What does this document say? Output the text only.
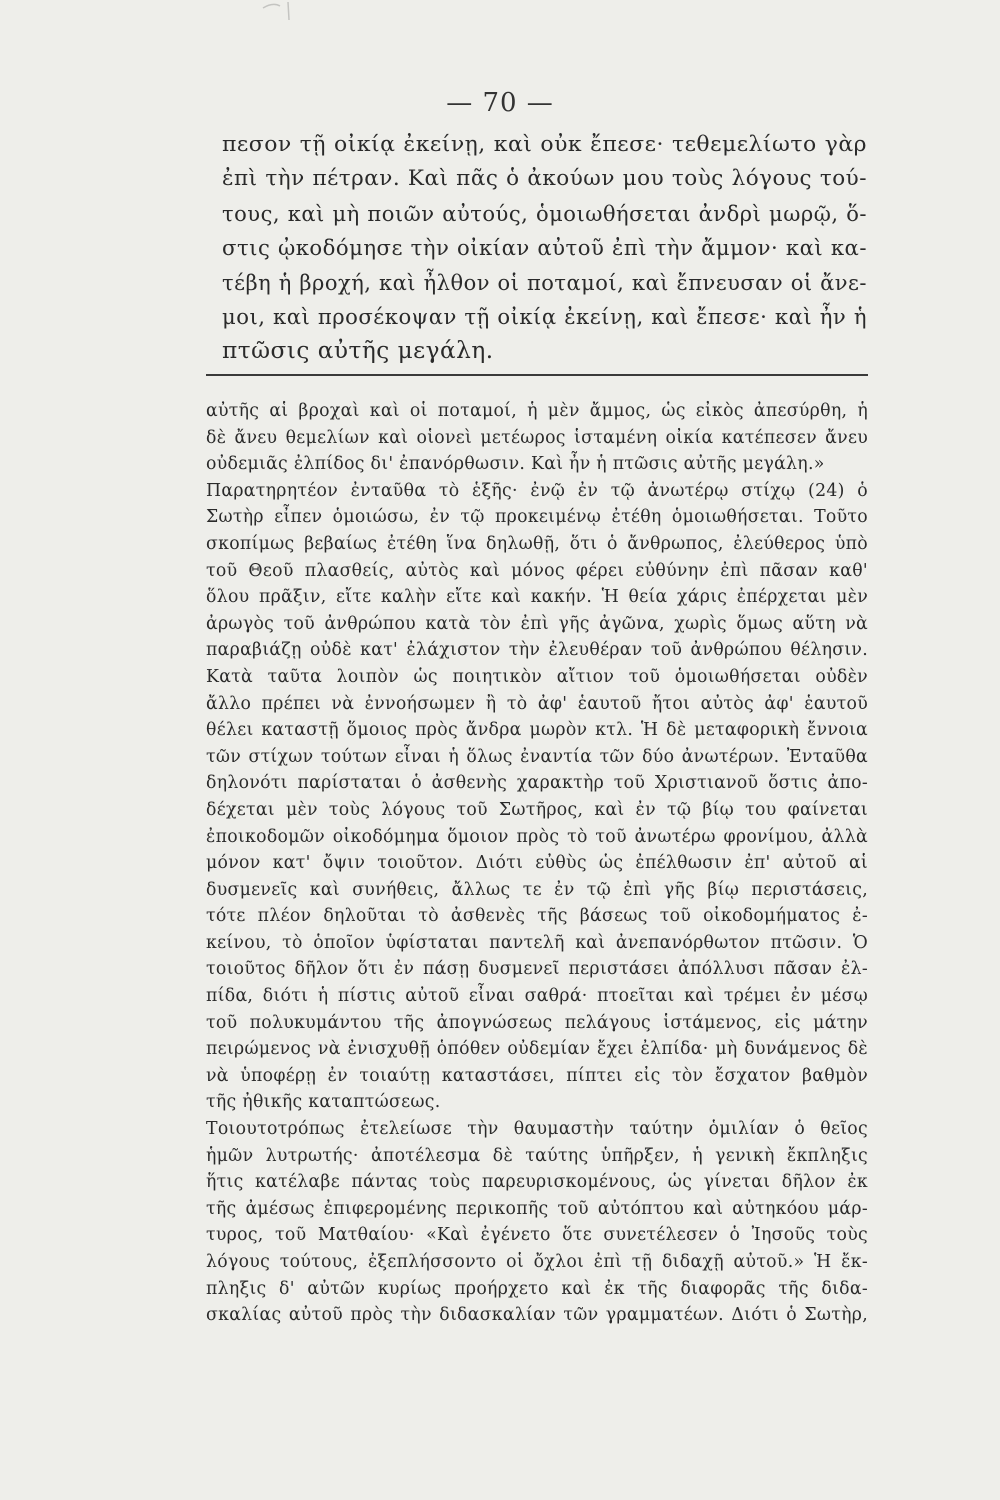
— 70 —
πεσον τῇ οἰκίᾳ ἐκείνῃ, καὶ οὐκ ἔπεσε· τεθεμελίωτο γὰρ
ἐπὶ τὴν πέτραν. Καὶ πᾶς ὁ ἀκούων μου τοὺς λόγους τού-
τους, καὶ μὴ ποιῶν αὐτούς, ὁμοιωθήσεται ἀνδρὶ μωρῷ, ὅ-
στις ᾠκοδόμησε τὴν οἰκίαν αὐτοῦ ἐπὶ τὴν ἄμμον· καὶ κα-
τέβη ἡ βροχή, καὶ ἦλθον οἱ ποταμοί, καὶ ἔπνευσαν οἱ ἄνε-
μοι, καὶ προσέκοψαν τῇ οἰκίᾳ ἐκείνῃ, καὶ ἔπεσε· καὶ ἦν ἡ
πτῶσις αὐτῆς μεγάλη.
αὐτῆς αἱ βροχαὶ καὶ οἱ ποταμοί, ἡ μὲν ἄμμος, ὡς εἰκὸς ἀπεσύρθη, ἡ
δὲ ἄνευ θεμελίων καὶ οἱονεὶ μετέωρος ἱσταμένη οἰκία κατέπεσεν ἄνευ
οὐδεμιᾶς ἐλπίδος δι' ἐπανόρθωσιν. Καὶ ἦν ἡ πτῶσις αὐτῆς μεγάλη.»
Παρατηρητέον ἐνταῦθα τὸ ἑξῆς· ἐνῷ ἐν τῷ ἀνωτέρῳ στίχῳ (24) ὁ
Σωτὴρ εἶπεν ὁμοιώσω, ἐν τῷ προκειμένῳ ἐτέθη ὁμοιωθήσεται. Τοῦτο
σκοπίμως βεβαίως ἐτέθη ἵνα δηλωθῇ, ὅτι ὁ ἄνθρωπος, ἐλεύθερος ὑπὸ
τοῦ Θεοῦ πλασθείς, αὐτὸς καὶ μόνος φέρει εὐθύνην ἐπὶ πᾶσαν καθ'
ὅλου πρᾶξιν, εἴτε καλὴν εἴτε καὶ κακήν. Ἡ θεία χάρις ἐπέρχεται μὲν
ἀρωγὸς τοῦ ἀνθρώπου κατὰ τὸν ἐπὶ γῆς ἀγῶνα, χωρὶς ὅμως αὕτη νὰ
παραβιάζῃ οὐδὲ κατ' ἐλάχιστον τὴν ἐλευθέραν τοῦ ἀνθρώπου θέλησιν.
Κατὰ ταῦτα λοιπὸν ὡς ποιητικὸν αἴτιον τοῦ ὁμοιωθήσεται οὐδὲν
ἄλλο πρέπει νὰ ἐννοήσωμεν ἢ τὸ ἀφ' ἑαυτοῦ ἤτοι αὐτὸς ἀφ' ἑαυτοῦ
θέλει καταστῇ ὅμοιος πρὸς ἄνδρα μωρὸν κτλ. Ἡ δὲ μεταφορικὴ ἔννοια
τῶν στίχων τούτων εἶναι ἡ ὅλως ἐναντία τῶν δύο ἀνωτέρων. Ἐνταῦθα
δηλονότι παρίσταται ὁ ἀσθενὴς χαρακτὴρ τοῦ Χριστιανοῦ ὅστις ἀπο-
δέχεται μὲν τοὺς λόγους τοῦ Σωτῆρος, καὶ ἐν τῷ βίῳ του φαίνεται
ἐποικοδομῶν οἰκοδόμημα ὅμοιον πρὸς τὸ τοῦ ἀνωτέρω φρονίμου, ἀλλὰ
μόνον κατ' ὄψιν τοιοῦτον. Διότι εὐθὺς ὡς ἐπέλθωσιν ἐπ' αὐτοῦ αἱ
δυσμενεῖς καὶ συνήθεις, ἄλλως τε ἐν τῷ ἐπὶ γῆς βίῳ περιστάσεις,
τότε πλέον δηλοῦται τὸ ἀσθενὲς τῆς βάσεως τοῦ οἰκοδομήματος ἐ-
κείνου, τὸ ὁποῖον ὑφίσταται παντελῆ καὶ ἀνεπανόρθωτον πτῶσιν. Ὁ
τοιοῦτος δῆλον ὅτι ἐν πάσῃ δυσμενεῖ περιστάσει ἀπόλλυσι πᾶσαν ἐλ-
πίδα, διότι ἡ πίστις αὐτοῦ εἶναι σαθρά· πτοεῖται καὶ τρέμει ἐν μέσῳ
τοῦ πολυκυμάντου τῆς ἀπογνώσεως πελάγους ἱστάμενος, εἰς μάτην
πειρώμενος νὰ ἐνισχυθῇ ὁπόθεν οὐδεμίαν ἔχει ἐλπίδα· μὴ δυνάμενος δὲ
νὰ ὑποφέρῃ ἐν τοιαύτῃ καταστάσει, πίπτει εἰς τὸν ἔσχατον βαθμὸν
τῆς ἠθικῆς καταπτώσεως.
Τοιουτοτρόπως ἐτελείωσε τὴν θαυμαστὴν ταύτην ὁμιλίαν ὁ θεῖος
ἡμῶν λυτρωτής· ἀποτέλεσμα δὲ ταύτης ὑπῆρξεν, ἡ γενικὴ ἔκπληξις
ἥτις κατέλαβε πάντας τοὺς παρευρισκομένους, ὡς γίνεται δῆλον ἐκ
τῆς ἀμέσως ἐπιφερομένης περικοπῆς τοῦ αὐτόπτου καὶ αὐτηκόου μάρ-
τυρος, τοῦ Ματθαίου· «Καὶ ἐγένετο ὅτε συνετέλεσεν ὁ Ἰησοῦς τοὺς
λόγους τούτους, ἐξεπλήσσοντο οἱ ὄχλοι ἐπὶ τῇ διδαχῇ αὐτοῦ.» Ἡ ἔκ-
πληξις δ' αὐτῶν κυρίως προήρχετο καὶ ἐκ τῆς διαφορᾶς τῆς διδα-
σκαλίας αὐτοῦ πρὸς τὴν διδασκαλίαν τῶν γραμματέων. Διότι ὁ Σωτὴρ,
